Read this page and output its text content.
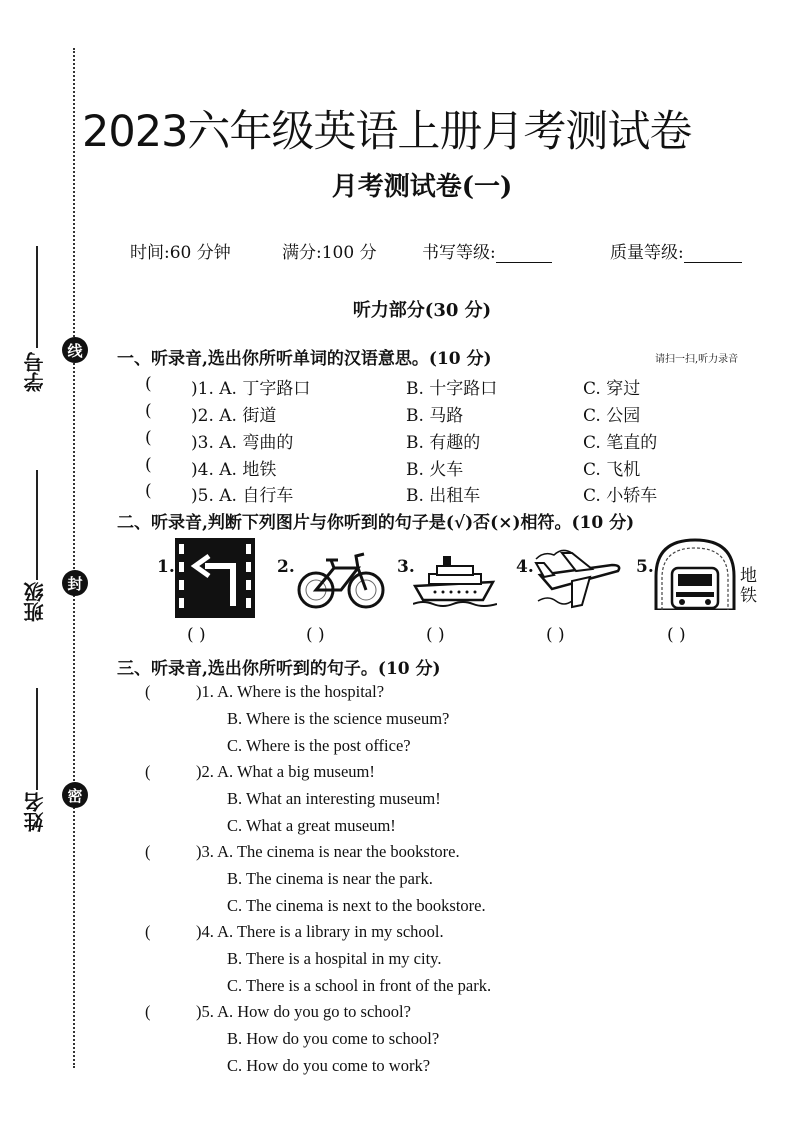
学号
班级
姓名
线
封
密
2023六年级英语上册月考测试卷
月考测试卷(一)
时间:60 分钟	满分:100 分	书写等级:	质量等级:
听力部分(30 分)
一、听录音,选出你所听单词的汉语意思。(10 分)	请扫一扫,听力录音
( )1. A. 丁字路口	B. 十字路口	C. 穿过
( )2. A. 街道	B. 马路	C. 公园
( )3. A. 弯曲的	B. 有趣的	C. 笔直的
( )4. A. 地铁	B. 火车	C. 飞机
( )5. A. 自行车	B. 出租车	C. 小轿车
二、听录音,判断下列图片与你听到的句子是(√)否(×)相符。(10 分)
1.	2.	3.	4.	5.	地铁
( )	( )	( )	( )	( )
三、听录音,选出你所听到的句子。(10 分)
(	)1. A. Where is the hospital?
B. Where is the science museum?
C. Where is the post office?
(	)2. A. What a big museum!
B. What an interesting museum!
C. What a great museum!
(	)3. A. The cinema is near the bookstore.
B. The cinema is near the park.
C. The cinema is next to the bookstore.
(	)4. A. There is a library in my school.
B. There is a hospital in my city.
C. There is a school in front of the park.
(	)5. A. How do you go to school?
B. How do you come to school?
C. How do you come to work?
